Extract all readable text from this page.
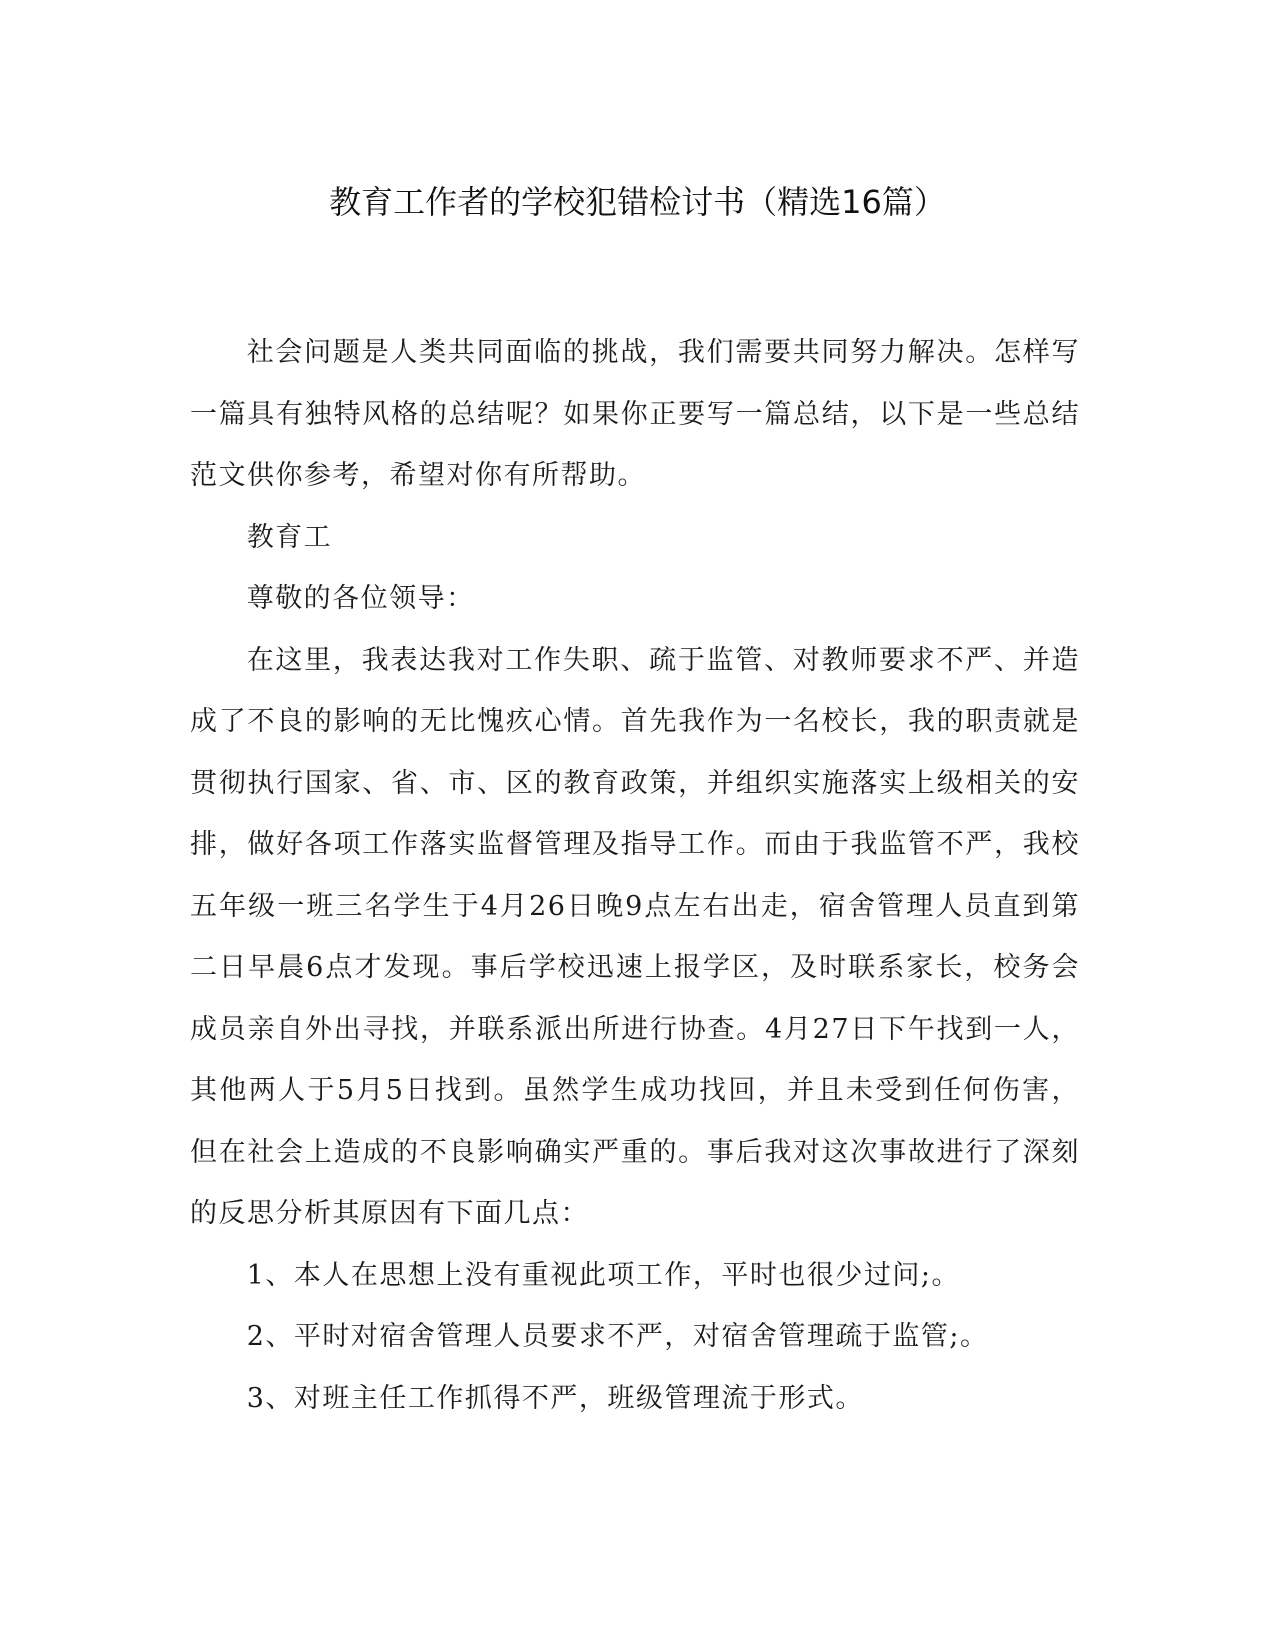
教育工作者的学校犯错检讨书（精选16篇）

社会问题是人类共同面临的挑战，我们需要共同努力解决。怎样写一篇具有独特风格的总结呢？如果你正要写一篇总结，以下是一些总结范文供你参考，希望对你有所帮助。

教育工

尊敬的各位领导：

在这里，我表达我对工作失职、疏于监管、对教师要求不严、并造成了不良的影响的无比愧疚心情。首先我作为一名校长，我的职责就是贯彻执行国家、省、市、区的教育政策，并组织实施落实上级相关的安排，做好各项工作落实监督管理及指导工作。而由于我监管不严，我校五年级一班三名学生于4月26日晚9点左右出走，宿舍管理人员直到第二日早晨6点才发现。事后学校迅速上报学区，及时联系家长，校务会成员亲自外出寻找，并联系派出所进行协查。4月27日下午找到一人，其他两人于5月5日找到。虽然学生成功找回，并且未受到任何伤害，但在社会上造成的不良影响确实严重的。事后我对这次事故进行了深刻的反思分析其原因有下面几点：

1、本人在思想上没有重视此项工作，平时也很少过问;。

2、平时对宿舍管理人员要求不严，对宿舍管理疏于监管;。

3、对班主任工作抓得不严，班级管理流于形式。
